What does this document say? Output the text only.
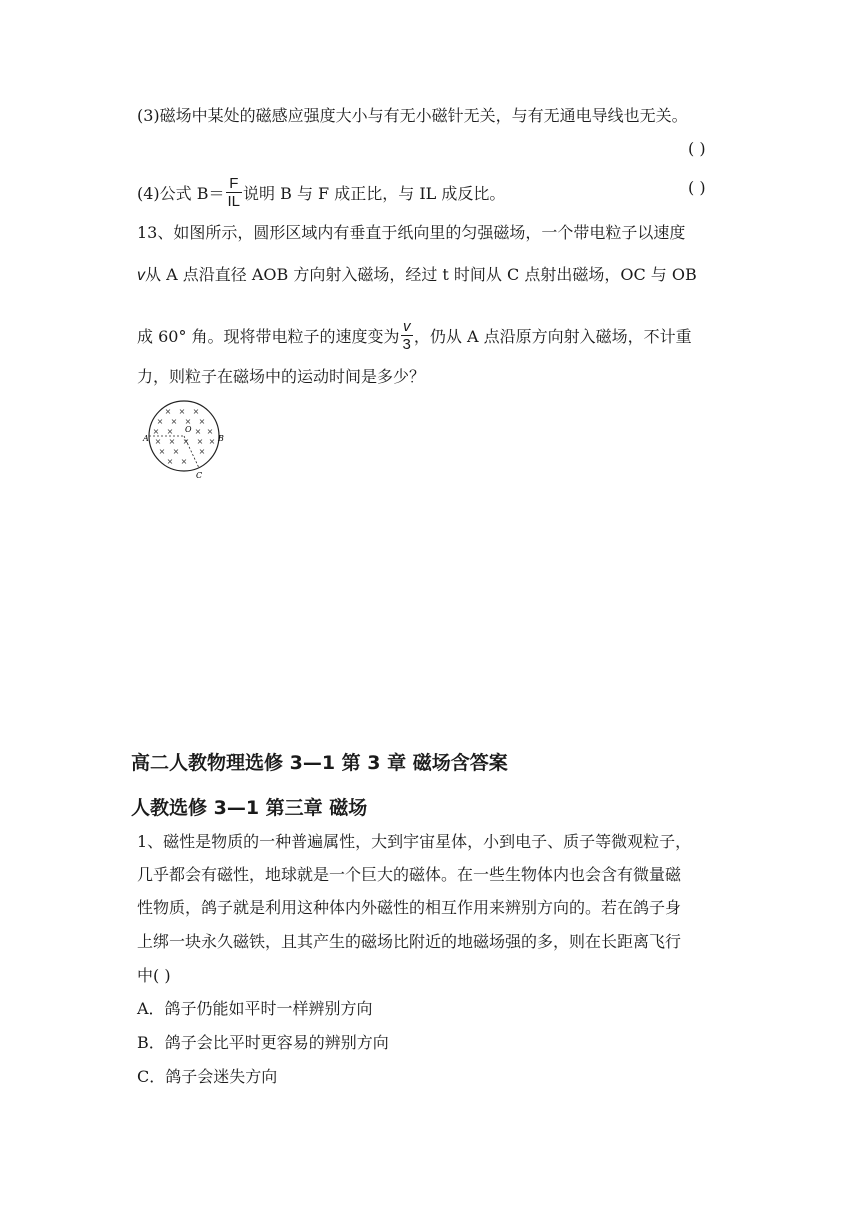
(3)磁场中某处的磁感应强度大小与有无小磁针无关，与有无通电导线也无关。
( )
(4)公式 $B= \frac{F}{IL}$ 说明 B 与 F 成正比，与 IL 成反比。	( )
13、如图所示，圆形区域内有垂直于纸向里的匀强磁场，一个带电粒子以速度
v从 A 点沿直径 AOB 方向射入磁场，经过 t 时间从 C 点射出磁场，OC 与 OB
成 60° 角。现将带电粒子的速度变为 $\frac{v}{3}$ ，仍从 A 点沿原方向射入磁场，不计重
力，则粒子在磁场中的运动时间是多少？
× × ×
× × × ×
× ×	× ×
× × × × ×
× × ×
× ×
A	B
O
C
高二人教物理选修 3—1 第 3 章 磁场含答案
人教选修 3—1 第三章 磁场
1、磁性是物质的一种普遍属性，大到宇宙星体，小到电子、质子等微观粒子，
几乎都会有磁性，地球就是一个巨大的磁体。在一些生物体内也会含有微量磁
性物质，鸽子就是利用这种体内外磁性的相互作用来辨别方向的。若在鸽子身
上绑一块永久磁铁，且其产生的磁场比附近的地磁场强的多，则在长距离飞行
中( )
A．鸽子仍能如平时一样辨别方向
B．鸽子会比平时更容易的辨别方向
C．鸽子会迷失方向
